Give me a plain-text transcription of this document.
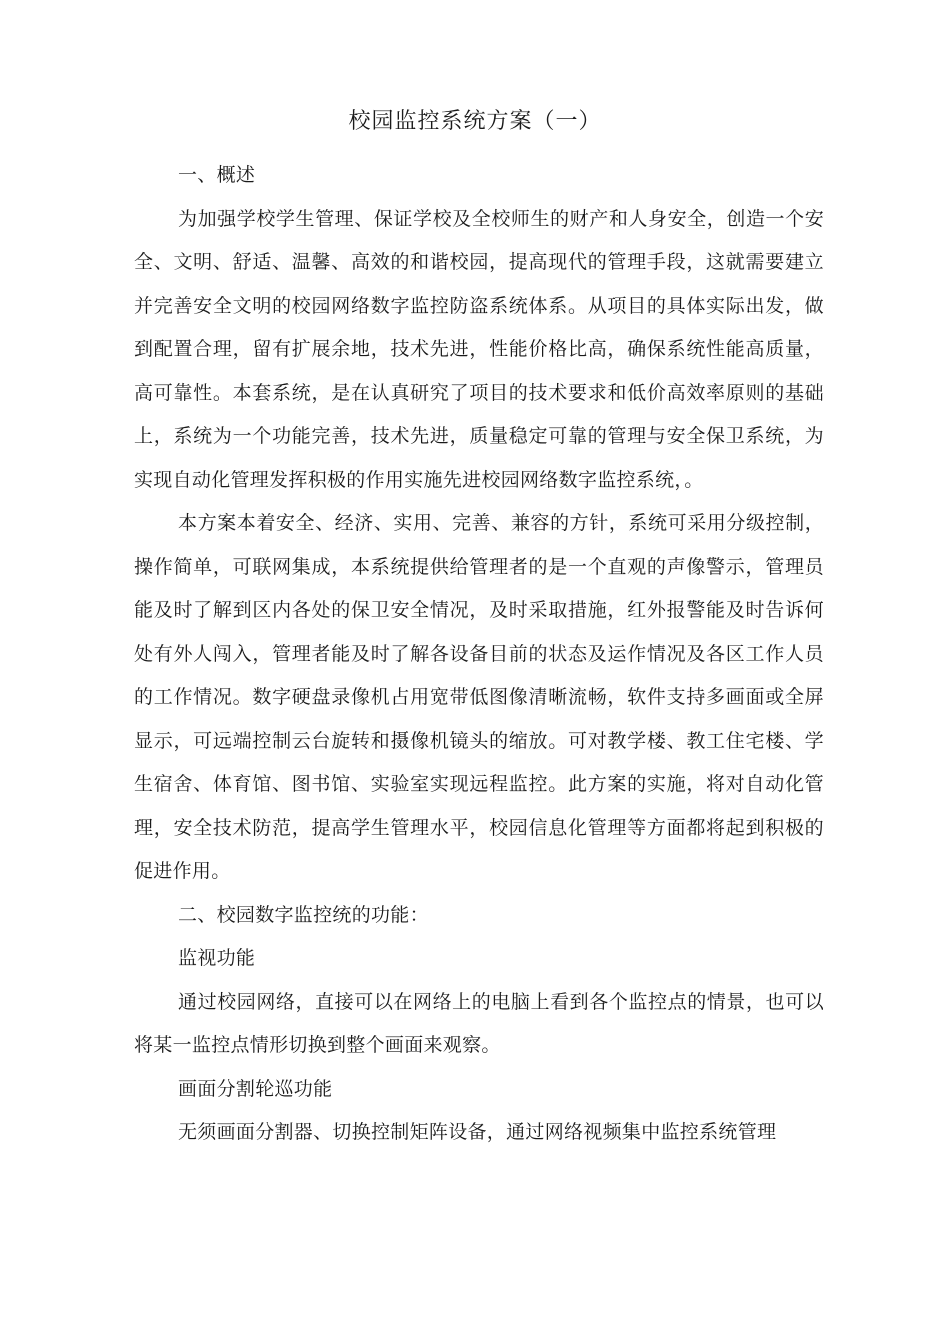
校园监控系统方案（一）

一、概述

为加强学校学生管理、保证学校及全校师生的财产和人身安全，创造一个安全、文明、舒适、温馨、高效的和谐校园，提高现代的管理手段，这就需要建立并完善安全文明的校园网络数字监控防盗系统体系。从项目的具体实际出发，做到配置合理，留有扩展余地，技术先进，性能价格比高，确保系统性能高质量，高可靠性。本套系统，是在认真研究了项目的技术要求和低价高效率原则的基础上，系统为一个功能完善，技术先进，质量稳定可靠的管理与安全保卫系统，为实现自动化管理发挥积极的作用实施先进校园网络数字监控系统，。

本方案本着安全、经济、实用、完善、兼容的方针，系统可采用分级控制，操作简单，可联网集成，本系统提供给管理者的是一个直观的声像警示，管理员能及时了解到区内各处的保卫安全情况，及时采取措施，红外报警能及时告诉何处有外人闯入，管理者能及时了解各设备目前的状态及运作情况及各区工作人员的工作情况。数字硬盘录像机占用宽带低图像清晰流畅，软件支持多画面或全屏显示，可远端控制云台旋转和摄像机镜头的缩放。可对教学楼、教工住宅楼、学生宿舍、体育馆、图书馆、实验室实现远程监控。此方案的实施，将对自动化管理，安全技术防范，提高学生管理水平，校园信息化管理等方面都将起到积极的促进作用。

二、校园数字监控统的功能：

监视功能

通过校园网络，直接可以在网络上的电脑上看到各个监控点的情景，也可以将某一监控点情形切换到整个画面来观察。

画面分割轮巡功能

无须画面分割器、切换控制矩阵设备，通过网络视频集中监控系统管理
